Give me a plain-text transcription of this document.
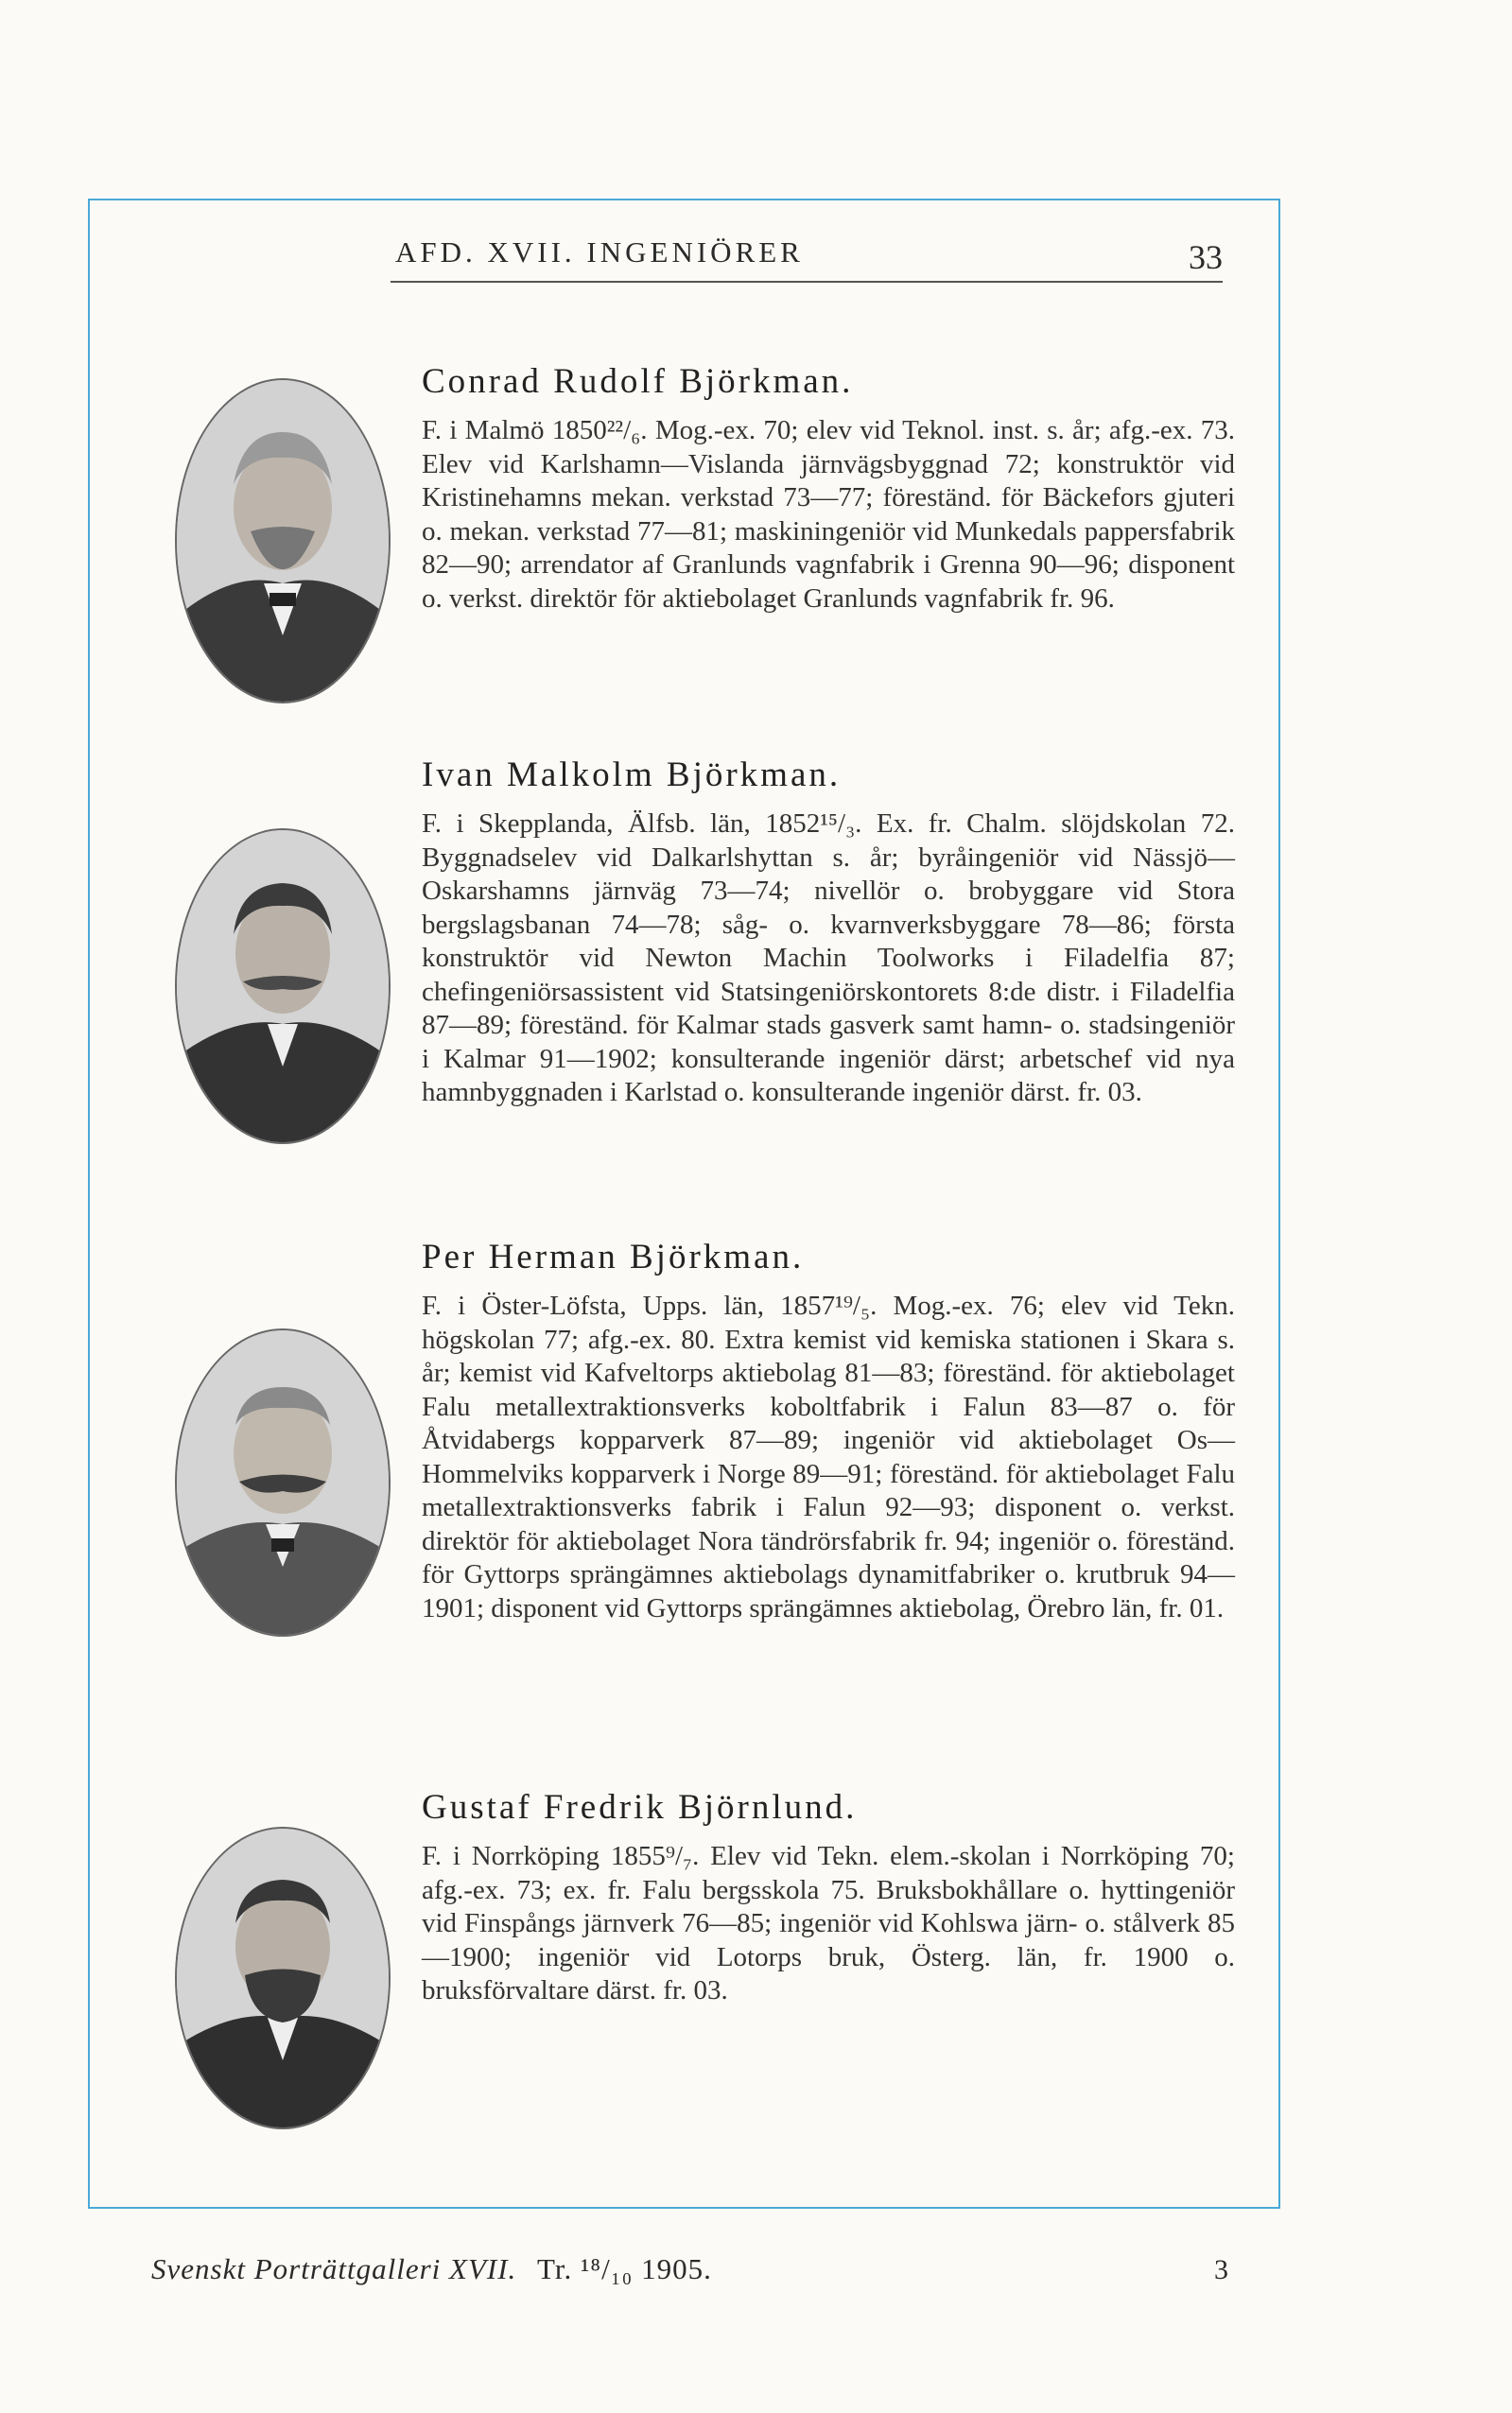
AFD. XVII. INGENIÖRER	33
Conrad Rudolf Björkman.
F. i Malmö 1850²²/₆. Mog.-ex. 70; elev vid Teknol. inst. s. år; afg.-ex. 73. Elev vid Karlshamn—Vislanda järnvägsbyggnad 72; konstruktör vid Kristinehamns mekan. verkstad 73—77; föreständ. för Bäckefors gjuteri o. mekan. verkstad 77—81; maskiningeniör vid Munkedals pappersfabrik 82—90; arrendator af Granlunds vagnfabrik i Grenna 90—96; disponent o. verkst. direktör för aktiebolaget Granlunds vagnfabrik fr. 96.
Ivan Malkolm Björkman.
F. i Skepplanda, Älfsb. län, 1852¹⁵/₃. Ex. fr. Chalm. slöjdskolan 72. Byggnadselev vid Dalkarlshyttan s. år; byråingeniör vid Nässjö—Oskarshamns järnväg 73—74; nivellör o. brobyggare vid Stora bergslagsbanan 74—78; såg- o. kvarnverksbyggare 78—86; första konstruktör vid Newton Machin Toolworks i Filadelfia 87; chefingeniörsassistent vid Statsingeniörskontorets 8:de distr. i Filadelfia 87—89; föreständ. för Kalmar stads gasverk samt hamn- o. stadsingeniör i Kalmar 91—1902; konsulterande ingeniör därst; arbetschef vid nya hamnbyggnaden i Karlstad o. konsulterande ingeniör därst. fr. 03.
Per Herman Björkman.
F. i Öster-Löfsta, Upps. län, 1857¹⁹/₅. Mog.-ex. 76; elev vid Tekn. högskolan 77; afg.-ex. 80. Extra kemist vid kemiska stationen i Skara s. år; kemist vid Kafveltorps aktiebolag 81—83; föreständ. för aktiebolaget Falu metallextraktionsverks koboltfabrik i Falun 83—87 o. för Åtvidabergs kopparverk 87—89; ingeniör vid aktiebolaget Os—Hommelviks kopparverk i Norge 89—91; föreständ. för aktiebolaget Falu metallextraktionsverks fabrik i Falun 92—93; disponent o. verkst. direktör för aktiebolaget Nora tändrörsfabrik fr. 94; ingeniör o. föreständ. för Gyttorps sprängämnes aktiebolags dynamitfabriker o. krutbruk 94—1901; disponent vid Gyttorps sprängämnes aktiebolag, Örebro län, fr. 01.
Gustaf Fredrik Björnlund.
F. i Norrköping 1855⁹/₇. Elev vid Tekn. elem.-skolan i Norrköping 70; afg.-ex. 73; ex. fr. Falu bergsskola 75. Bruksbokhållare o. hyttingeniör vid Finspångs järnverk 76—85; ingeniör vid Kohlswa järn- o. stålverk 85—1900; ingeniör vid Lotorps bruk, Österg. län, fr. 1900 o. bruksförvaltare därst. fr. 03.
Svenskt Porträttgalleri XVII. Tr. ¹⁸/₁₀ 1905.	3
